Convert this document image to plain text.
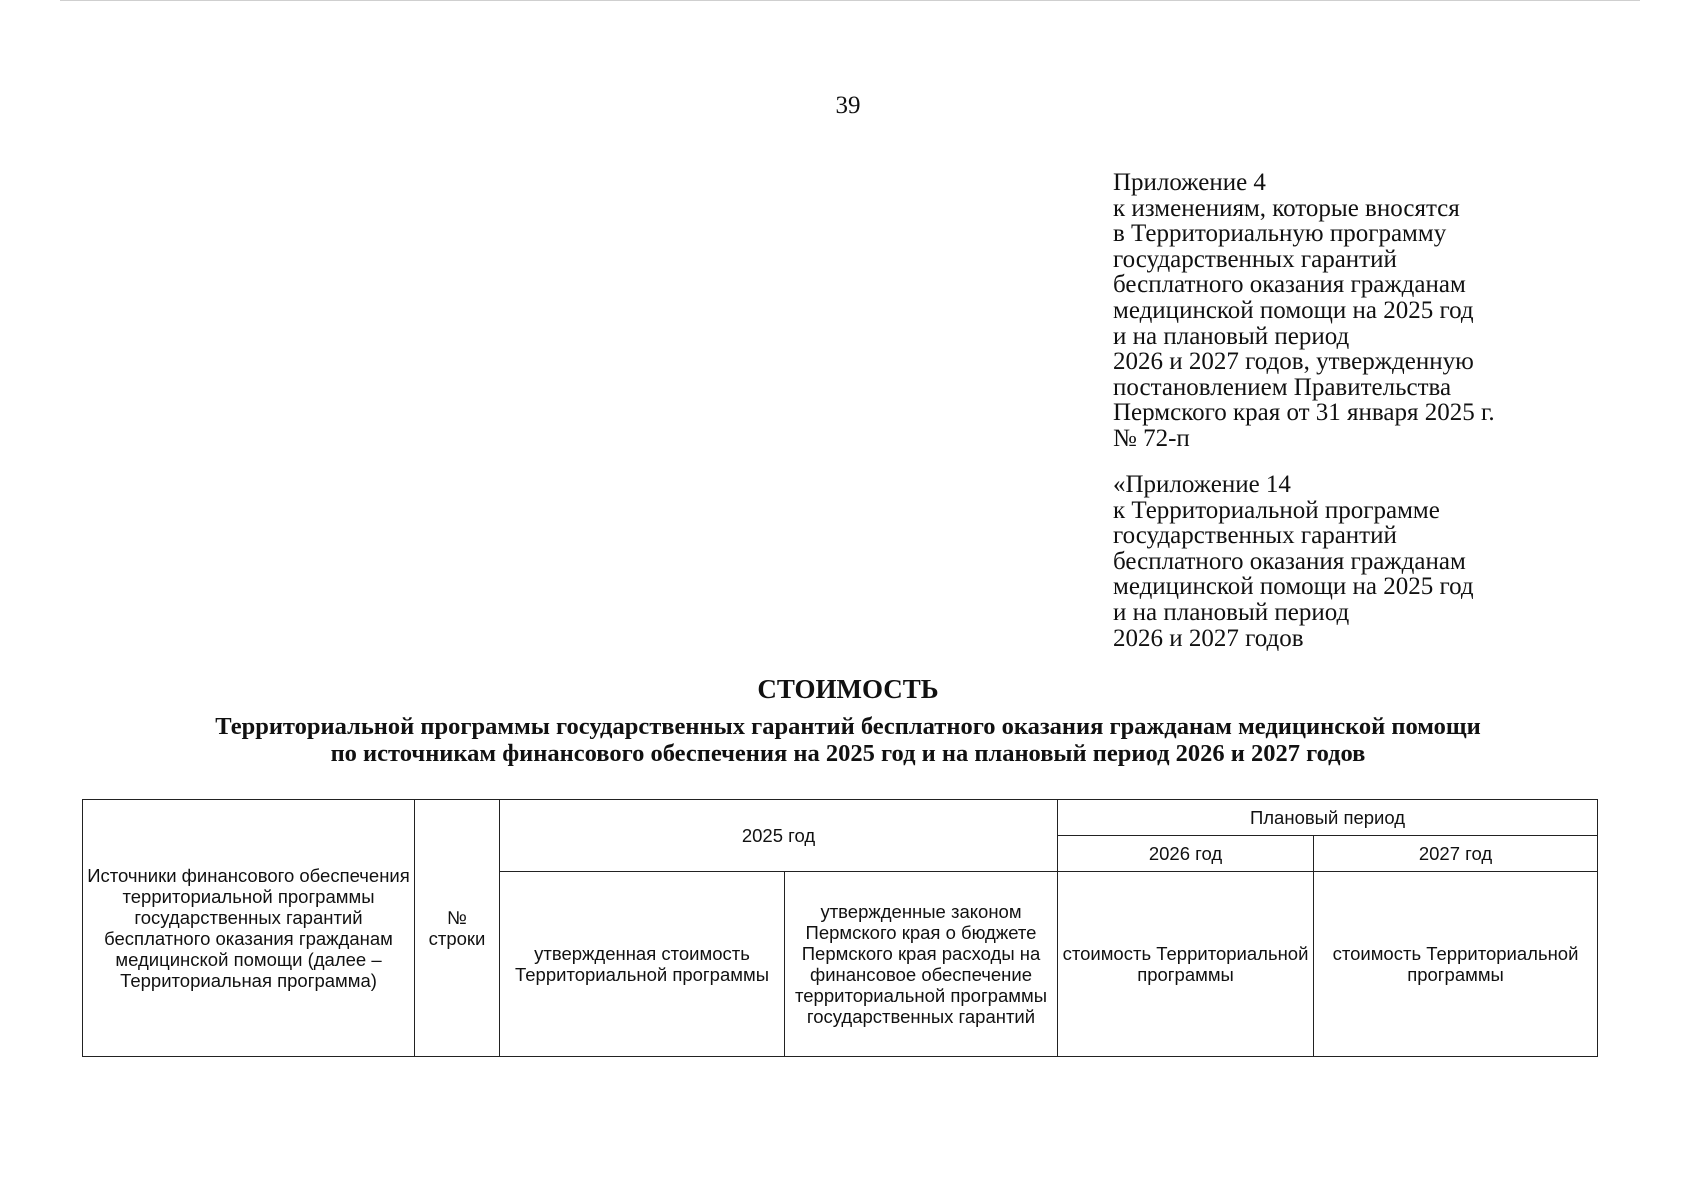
39
Приложение 4
к изменениям, которые вносятся
в Территориальную программу
государственных гарантий
бесплатного оказания гражданам
медицинской помощи на 2025 год
и на плановый период
2026 и 2027 годов, утвержденную
постановлением Правительства
Пермского края от 31 января 2025 г.
№ 72-п
«Приложение 14
к Территориальной программе
государственных гарантий
бесплатного оказания гражданам
медицинской помощи на 2025 год
и на плановый период
2026 и 2027 годов
СТОИМОСТЬ
Территориальной программы государственных гарантий бесплатного оказания гражданам медицинской помощи
по источникам финансового обеспечения на 2025 год и на плановый период 2026 и 2027 годов
Источники финансового обеспечения территориальной программы государственных гарантий бесплатного оказания гражданам медицинской помощи (далее – Территориальная программа)	№ строки	2025 год		Плановый период	
				2026 год	2027 год
		утвержденная стоимость Территориальной программы	утвержденные законом Пермского края о бюджете Пермского края расходы на финансовое обеспечение территориальной программы государственных гарантий	стоимость Территориальной программы	стоимость Территориальной программы
